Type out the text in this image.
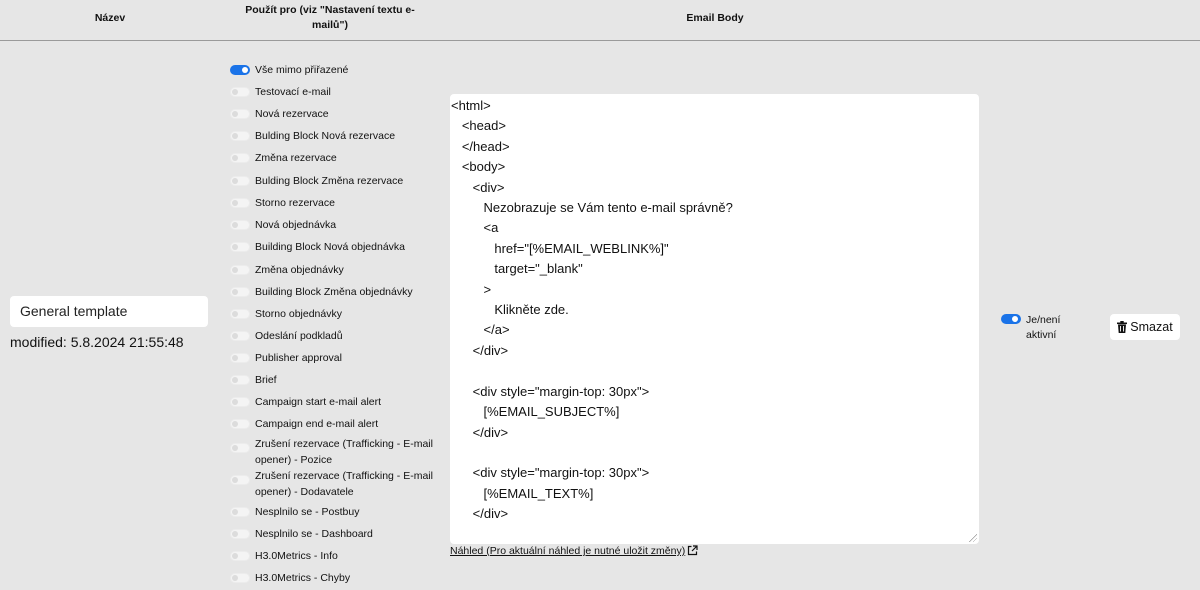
Název
Použít pro (viz "Nastavení textu e-mailů")
Email Body
General template
modified: 5.8.2024 21:55:48
Vše mimo přiřazené
Testovací e-mail
Nová rezervace
Bulding Block Nová rezervace
Změna rezervace
Bulding Block Změna rezervace
Storno rezervace
Nová objednávka
Building Block Nová objednávka
Změna objednávky
Building Block Změna objednávky
Storno objednávky
Odeslání podkladů
Publisher approval
Brief
Campaign start e-mail alert
Campaign end e-mail alert
Zrušení rezervace (Trafficking - E-mail opener) - Pozice
Zrušení rezervace (Trafficking - E-mail opener) - Dodavatele
Nesplnilo se - Postbuy
Nesplnilo se - Dashboard
H3.0Metrics - Info
H3.0Metrics - Chyby
<html>
<head>
</head>
<body>
<div>
Nezobrazuje se Vám tento e-mail správně?
<a
href="[%EMAIL_WEBLINK%]"
target="_blank"
>
Klikněte zde.
</a>
</div>

<div style="margin-top: 30px">
[%EMAIL_SUBJECT%]
</div>

<div style="margin-top: 30px">
[%EMAIL_TEXT%]
</div>
Náhled (Pro aktuální náhled je nutné uložit změny)
Je/není aktivní
Smazat
